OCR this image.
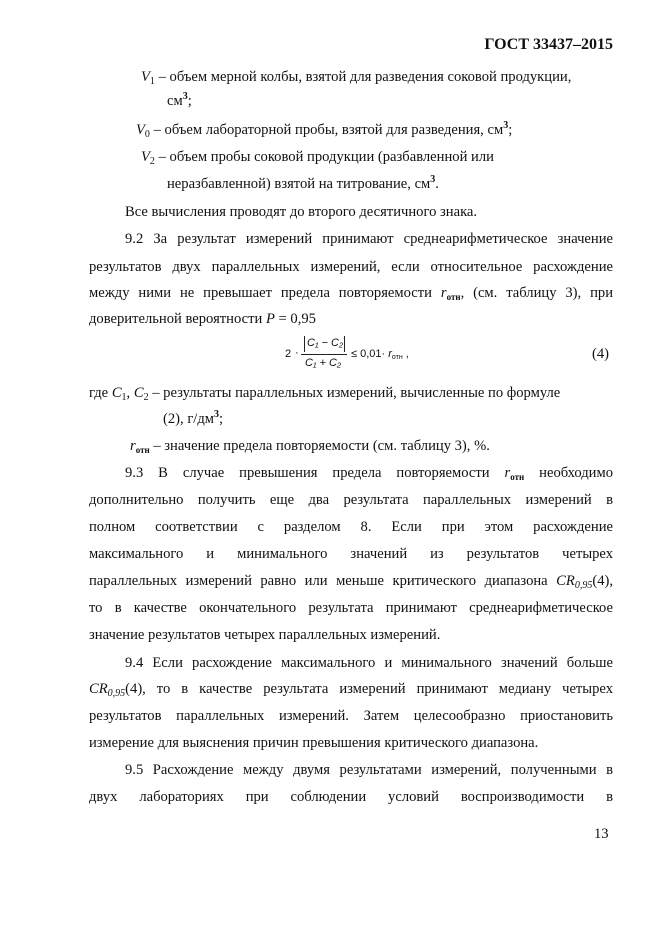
ГОСТ 33437–2015
$V_1$ – объем мерной колбы, взятой для разведения соковой продукции,
$см^3$;
$V_0$ – объем лабораторной пробы, взятой для разведения, $см^3$;
$V_2$ – объем пробы соковой продукции (разбавленной или
неразбавленной) взятой на титрование, $см^3$.
Все вычисления проводят до второго десятичного знака.
9.2 За результат измерений принимают среднеарифметическое значение
результатов двух параллельных измерений, если относительное расхождение
между ними не превышает предела повторяемости $r_{отн}$, (см. таблицу 3), при
доверительной вероятности P = 0,95
2 ·
C₁ − C₂
C₁ + C₂
≤ $0,01\cdot r_{отн}$ ,	(4)
где $C_1$, $C_2$ – результаты параллельных измерений, вычисленные по формуле
(2), $г/дм^3$;
$r_{отн}$ – значение предела повторяемости (см. таблицу 3), %.
9.3 В случае превышения предела повторяемости $r_{отн}$ необходимо
дополнительно получить еще два результата параллельных измерений в
полном соответствии с разделом 8. Если при этом расхождение
максимального и минимального значений из результатов четырех
параллельных измерений равно или меньше критического диапазона $CR_{0,95}(4)$,
то в качестве окончательного результата принимают среднеарифметическое
значение результатов четырех параллельных измерений.
9.4 Если расхождение максимального и минимального значений больше
$CR_{0,95}(4)$, то в качестве результата измерений принимают медиану четырех
результатов параллельных измерений. Затем целесообразно приостановить
измерение для выяснения причин превышения критического диапазона.
9.5 Расхождение между двумя результатами измерений, полученными в
двух лабораториях при соблюдении условий воспроизводимости в
13
